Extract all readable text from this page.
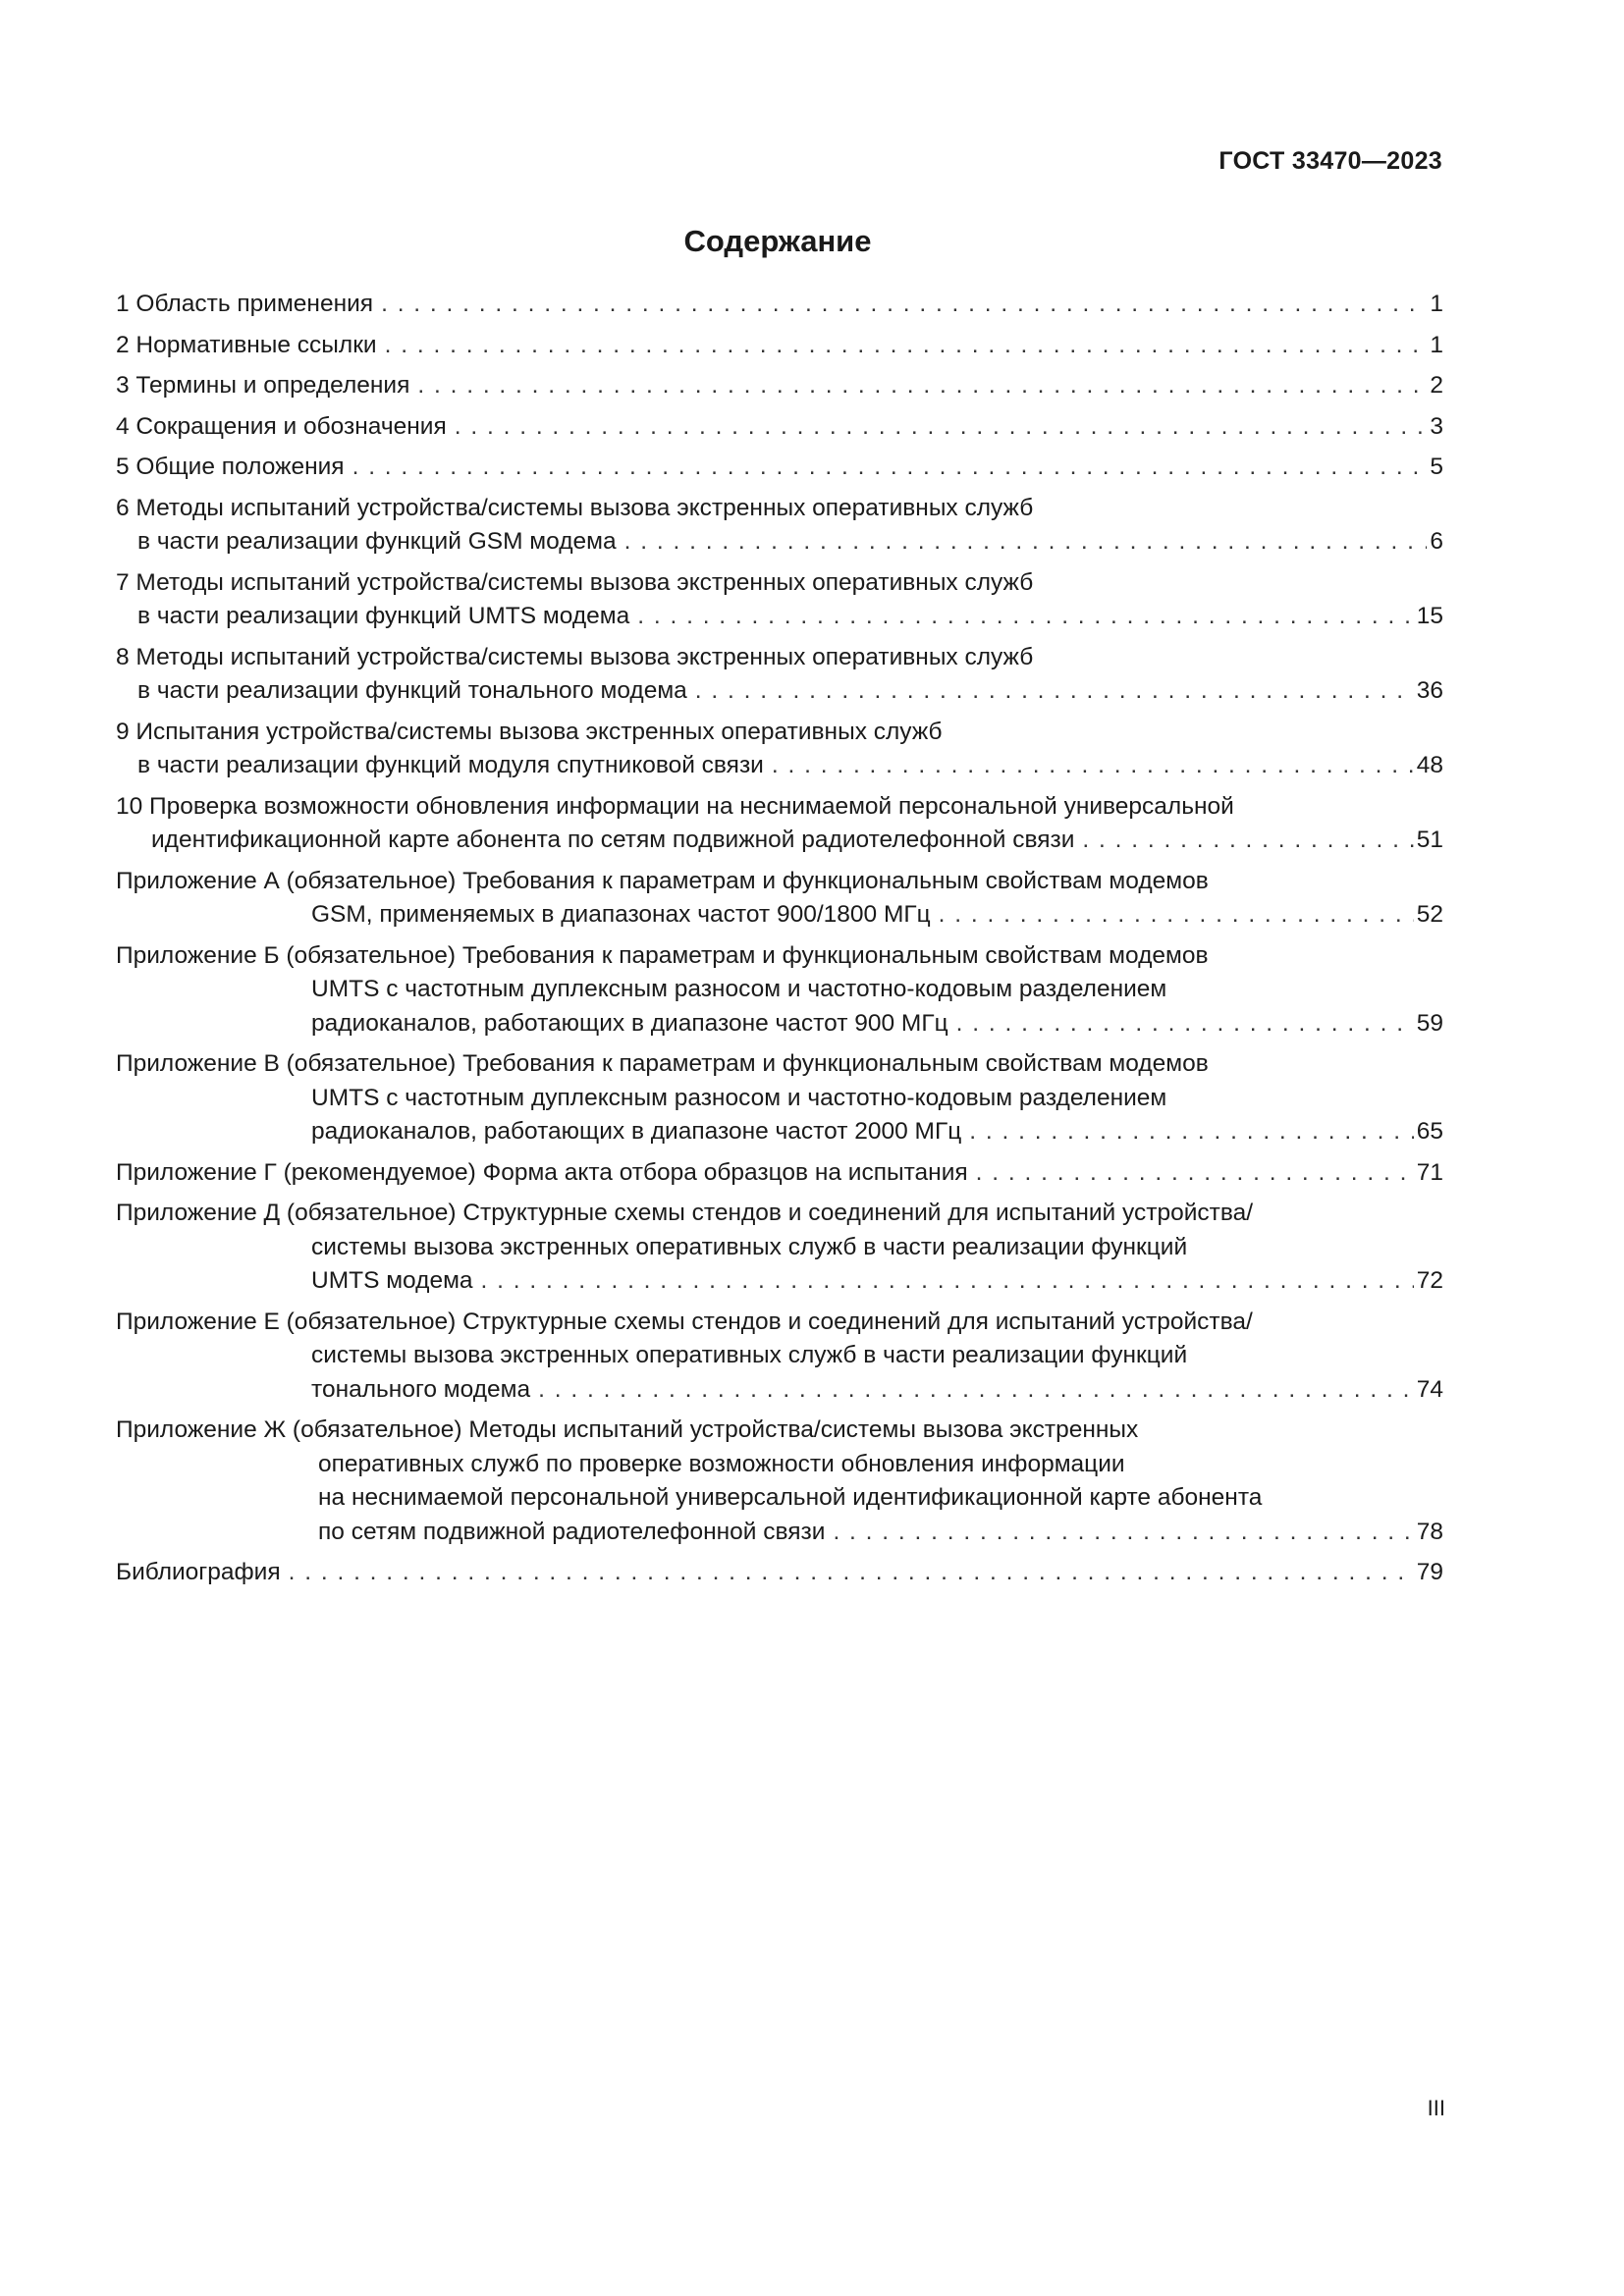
ГОСТ 33470—2023
Содержание
1 Область применения . . .	1
2 Нормативные ссылки . . .	1
3 Термины и определения . . .	2
4 Сокращения и обозначения . . .	3
5 Общие положения . . .	5
6 Методы испытаний устройства/системы вызова экстренных оперативных служб
в части реализации функций GSM модема . . .	6
7 Методы испытаний устройства/системы вызова экстренных оперативных служб
в части реализации функций UMTS модема . . .	15
8 Методы испытаний устройства/системы вызова экстренных оперативных служб
в части реализации функций тонального модема . . .	36
9 Испытания устройства/системы вызова экстренных оперативных служб
в части реализации функций модуля спутниковой связи . . .	48
10 Проверка возможности обновления информации на неснимаемой персональной универсальной
идентификационной карте абонента по сетям подвижной радиотелефонной связи . . .	51
Приложение А (обязательное) Требования к параметрам и функциональным свойствам модемов
GSM, применяемых в диапазонах частот 900/1800 МГц . . .	52
Приложение Б (обязательное) Требования к параметрам и функциональным свойствам модемов
UMTS с частотным дуплексным разносом и частотно-кодовым разделением
радиоканалов, работающих в диапазоне частот 900 МГц . . .	59
Приложение В (обязательное) Требования к параметрам и функциональным свойствам модемов
UMTS с частотным дуплексным разносом и частотно-кодовым разделением
радиоканалов, работающих в диапазоне частот 2000 МГц . . .	65
Приложение Г (рекомендуемое) Форма акта отбора образцов на испытания . . .	71
Приложение Д (обязательное) Структурные схемы стендов и соединений для испытаний устройства/
системы вызова экстренных оперативных служб в части реализации функций
UMTS модема . . .	72
Приложение Е (обязательное) Структурные схемы стендов и соединений для испытаний устройства/
системы вызова экстренных оперативных служб в части реализации функций
тонального модема . . .	74
Приложение Ж (обязательное) Методы испытаний устройства/системы вызова экстренных
оперативных служб по проверке возможности обновления информации
на неснимаемой персональной универсальной идентификационной карте абонента
по сетям подвижной радиотелефонной связи . . .	78
Библиография . . .	79
III
